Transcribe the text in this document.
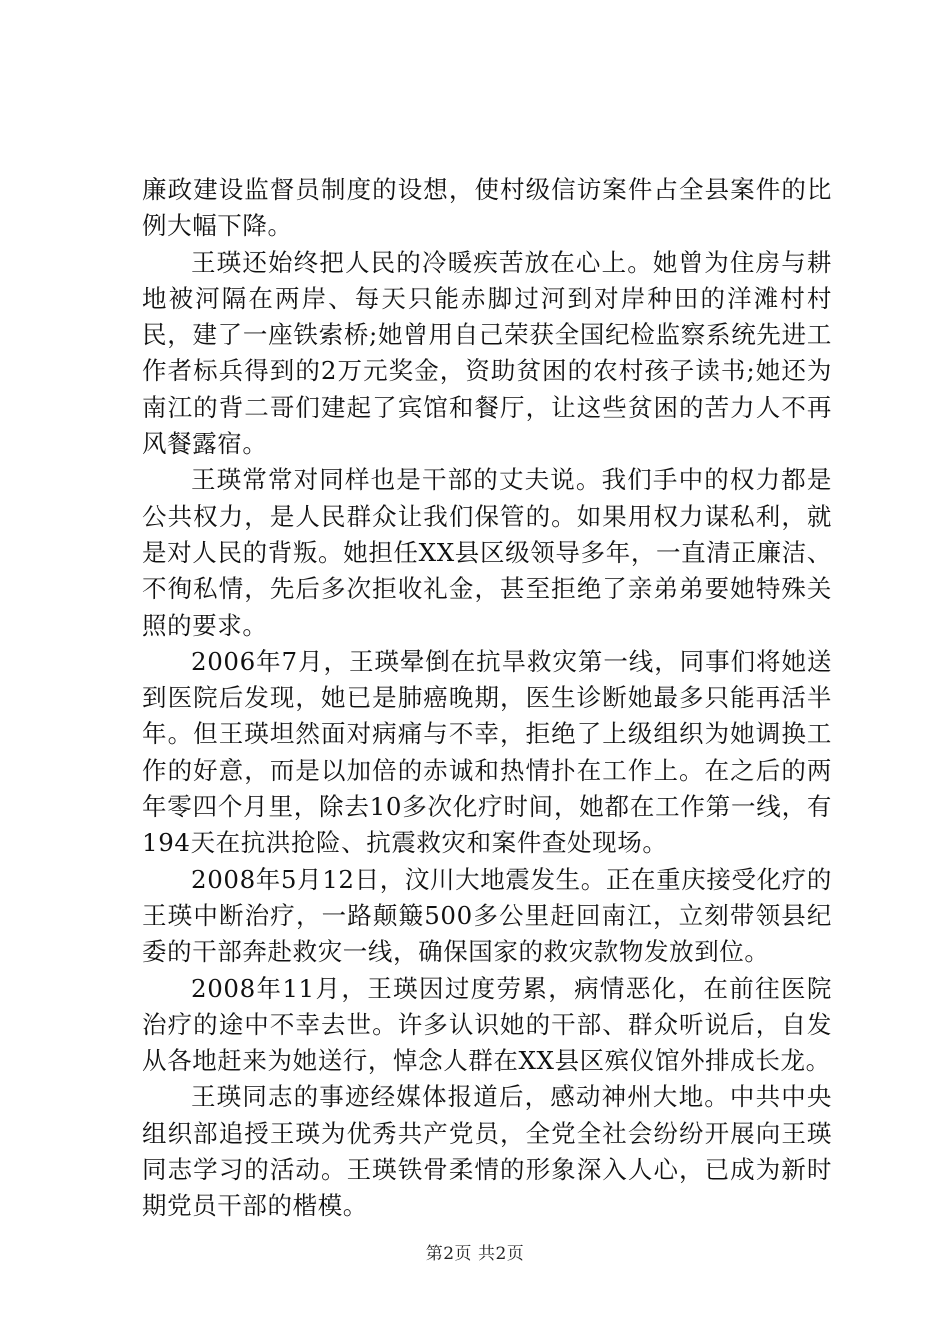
廉政建设监督员制度的设想，使村级信访案件占全县案件的比例大幅下降。

王瑛还始终把人民的冷暖疾苦放在心上。她曾为住房与耕地被河隔在两岸、每天只能赤脚过河到对岸种田的洋滩村村民，建了一座铁索桥;她曾用自己荣获全国纪检监察系统先进工作者标兵得到的2万元奖金，资助贫困的农村孩子读书;她还为南江的背二哥们建起了宾馆和餐厅，让这些贫困的苦力人不再风餐露宿。

王瑛常常对同样也是干部的丈夫说。我们手中的权力都是公共权力，是人民群众让我们保管的。如果用权力谋私利，就是对人民的背叛。她担任XX县区级领导多年，一直清正廉洁、不徇私情，先后多次拒收礼金，甚至拒绝了亲弟弟要她特殊关照的要求。

2006年7月，王瑛晕倒在抗旱救灾第一线，同事们将她送到医院后发现，她已是肺癌晚期，医生诊断她最多只能再活半年。但王瑛坦然面对病痛与不幸，拒绝了上级组织为她调换工作的好意，而是以加倍的赤诚和热情扑在工作上。在之后的两年零四个月里，除去10多次化疗时间，她都在工作第一线，有194天在抗洪抢险、抗震救灾和案件查处现场。

2008年5月12日，汶川大地震发生。正在重庆接受化疗的王瑛中断治疗，一路颠簸500多公里赶回南江，立刻带领县纪委的干部奔赴救灾一线，确保国家的救灾款物发放到位。

2008年11月，王瑛因过度劳累，病情恶化，在前往医院治疗的途中不幸去世。许多认识她的干部、群众听说后，自发从各地赶来为她送行，悼念人群在XX县区殡仪馆外排成长龙。

王瑛同志的事迹经媒体报道后，感动神州大地。中共中央组织部追授王瑛为优秀共产党员，全党全社会纷纷开展向王瑛同志学习的活动。王瑛铁骨柔情的形象深入人心，已成为新时期党员干部的楷模。

第2页 共2页
